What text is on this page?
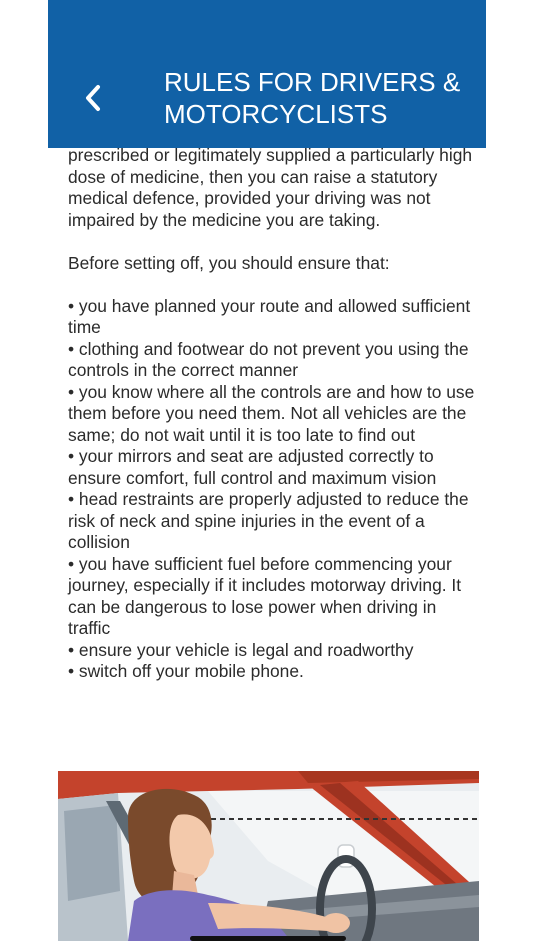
RULES FOR DRIVERS & MOTORCYCLISTS

prescribed or legitimately supplied a particularly high dose of medicine, then you can raise a statutory medical defence, provided your driving was not impaired by the medicine you are taking.

Before setting off, you should ensure that:

• you have planned your route and allowed sufficient time

• clothing and footwear do not prevent you using the controls in the correct manner

• you know where all the controls are and how to use them before you need them. Not all vehicles are the same; do not wait until it is too late to find out

• your mirrors and seat are adjusted correctly to ensure comfort, full control and maximum vision

• head restraints are properly adjusted to reduce the risk of neck and spine injuries in the event of a collision

• you have sufficient fuel before commencing your journey, especially if it includes motorway driving. It can be dangerous to lose power when driving in traffic

• ensure your vehicle is legal and roadworthy

• switch off your mobile phone.
